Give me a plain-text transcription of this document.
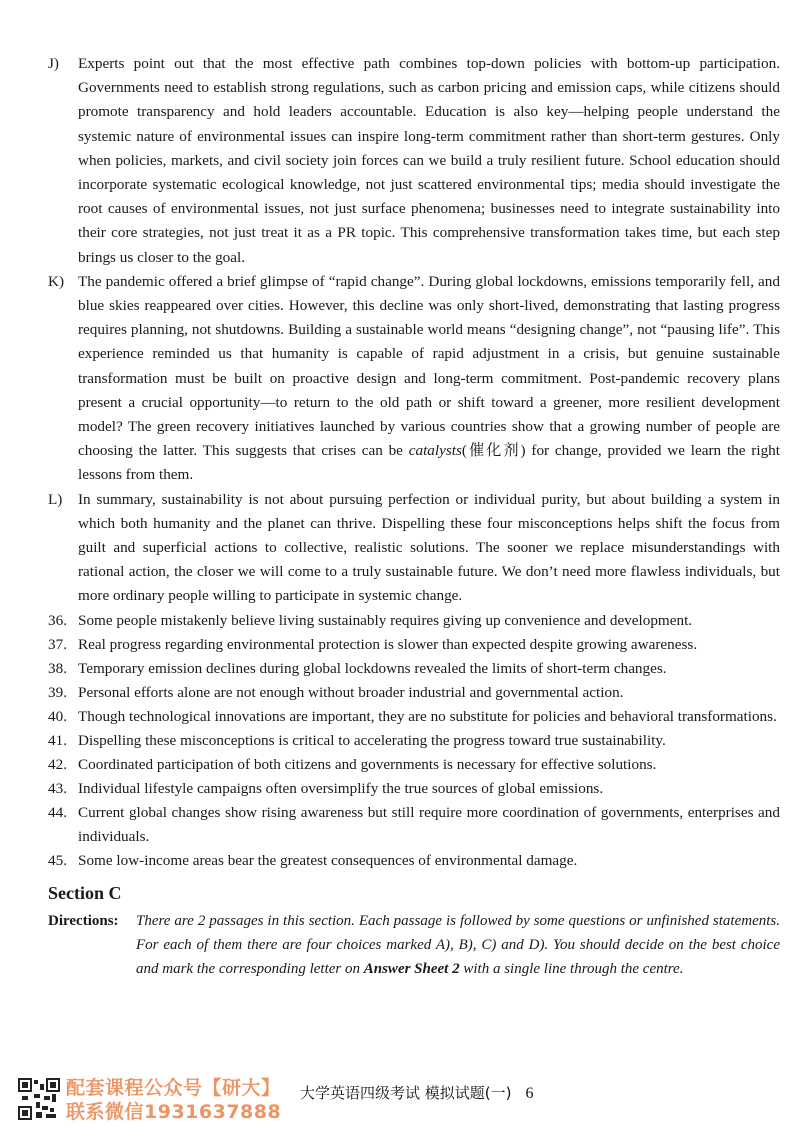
J)	Experts point out that the most effective path combines top-down policies with bottom-up participation. Governments need to establish strong regulations, such as carbon pricing and emission caps, while citizens should promote transparency and hold leaders accountable. Education is also key—helping people understand the systemic nature of environmental issues can inspire long-term commitment rather than short-term gestures. Only when policies, markets, and civil society join forces can we build a truly resilient future. School education should incorporate systematic ecological knowledge, not just scattered environmental tips; media should investigate the root causes of environmental issues, not just surface phenomena; businesses need to integrate sustainability into their core strategies, not just treat it as a PR topic. This comprehensive transformation takes time, but each step brings us closer to the goal.
K) The pandemic offered a brief glimpse of “rapid change”. During global lockdowns, emissions temporarily fell, and blue skies reappeared over cities. However, this decline was only short-lived, demonstrating that lasting progress requires planning, not shutdowns. Building a sustainable world means “designing change”, not “pausing life”. This experience reminded us that humanity is capable of rapid adjustment in a crisis, but genuine sustainable transformation must be built on proactive design and long-term commitment. Post-pandemic recovery plans present a crucial opportunity—to return to the old path or shift toward a greener, more resilient development model? The green recovery initiatives launched by various countries show that a growing number of people are choosing the latter. This suggests that crises can be catalysts(催化剂) for change, provided we learn the right lessons from them.
L)	In summary, sustainability is not about pursuing perfection or individual purity, but about building a system in which both humanity and the planet can thrive. Dispelling these four misconceptions helps shift the focus from guilt and superficial actions to collective, realistic solutions. The sooner we replace misunderstandings with rational action, the closer we will come to a truly sustainable future. We don’t need more flawless individuals, but more ordinary people willing to participate in systemic change.
36. Some people mistakenly believe living sustainably requires giving up convenience and development.
37. Real progress regarding environmental protection is slower than expected despite growing awareness.
38. Temporary emission declines during global lockdowns revealed the limits of short-term changes.
39. Personal efforts alone are not enough without broader industrial and governmental action.
40. Though technological innovations are important, they are no substitute for policies and behavioral transformations.
41. Dispelling these misconceptions is critical to accelerating the progress toward true sustainability.
42. Coordinated participation of both citizens and governments is necessary for effective solutions.
43. Individual lifestyle campaigns often oversimplify the true sources of global emissions.
44. Current global changes show rising awareness but still require more coordination of governments, enterprises and individuals.
45. Some low-income areas bear the greatest consequences of environmental damage.
Section C
Directions:	There are 2 passages in this section. Each passage is followed by some questions or unfinished statements. For each of them there are four choices marked A), B), C) and D). You should decide on the best choice and mark the corresponding letter on Answer Sheet 2 with a single line through the centre.
配套课程公众号【研大】
联系微信1931637888
大学英语四级考试 模拟试题(一) 6
